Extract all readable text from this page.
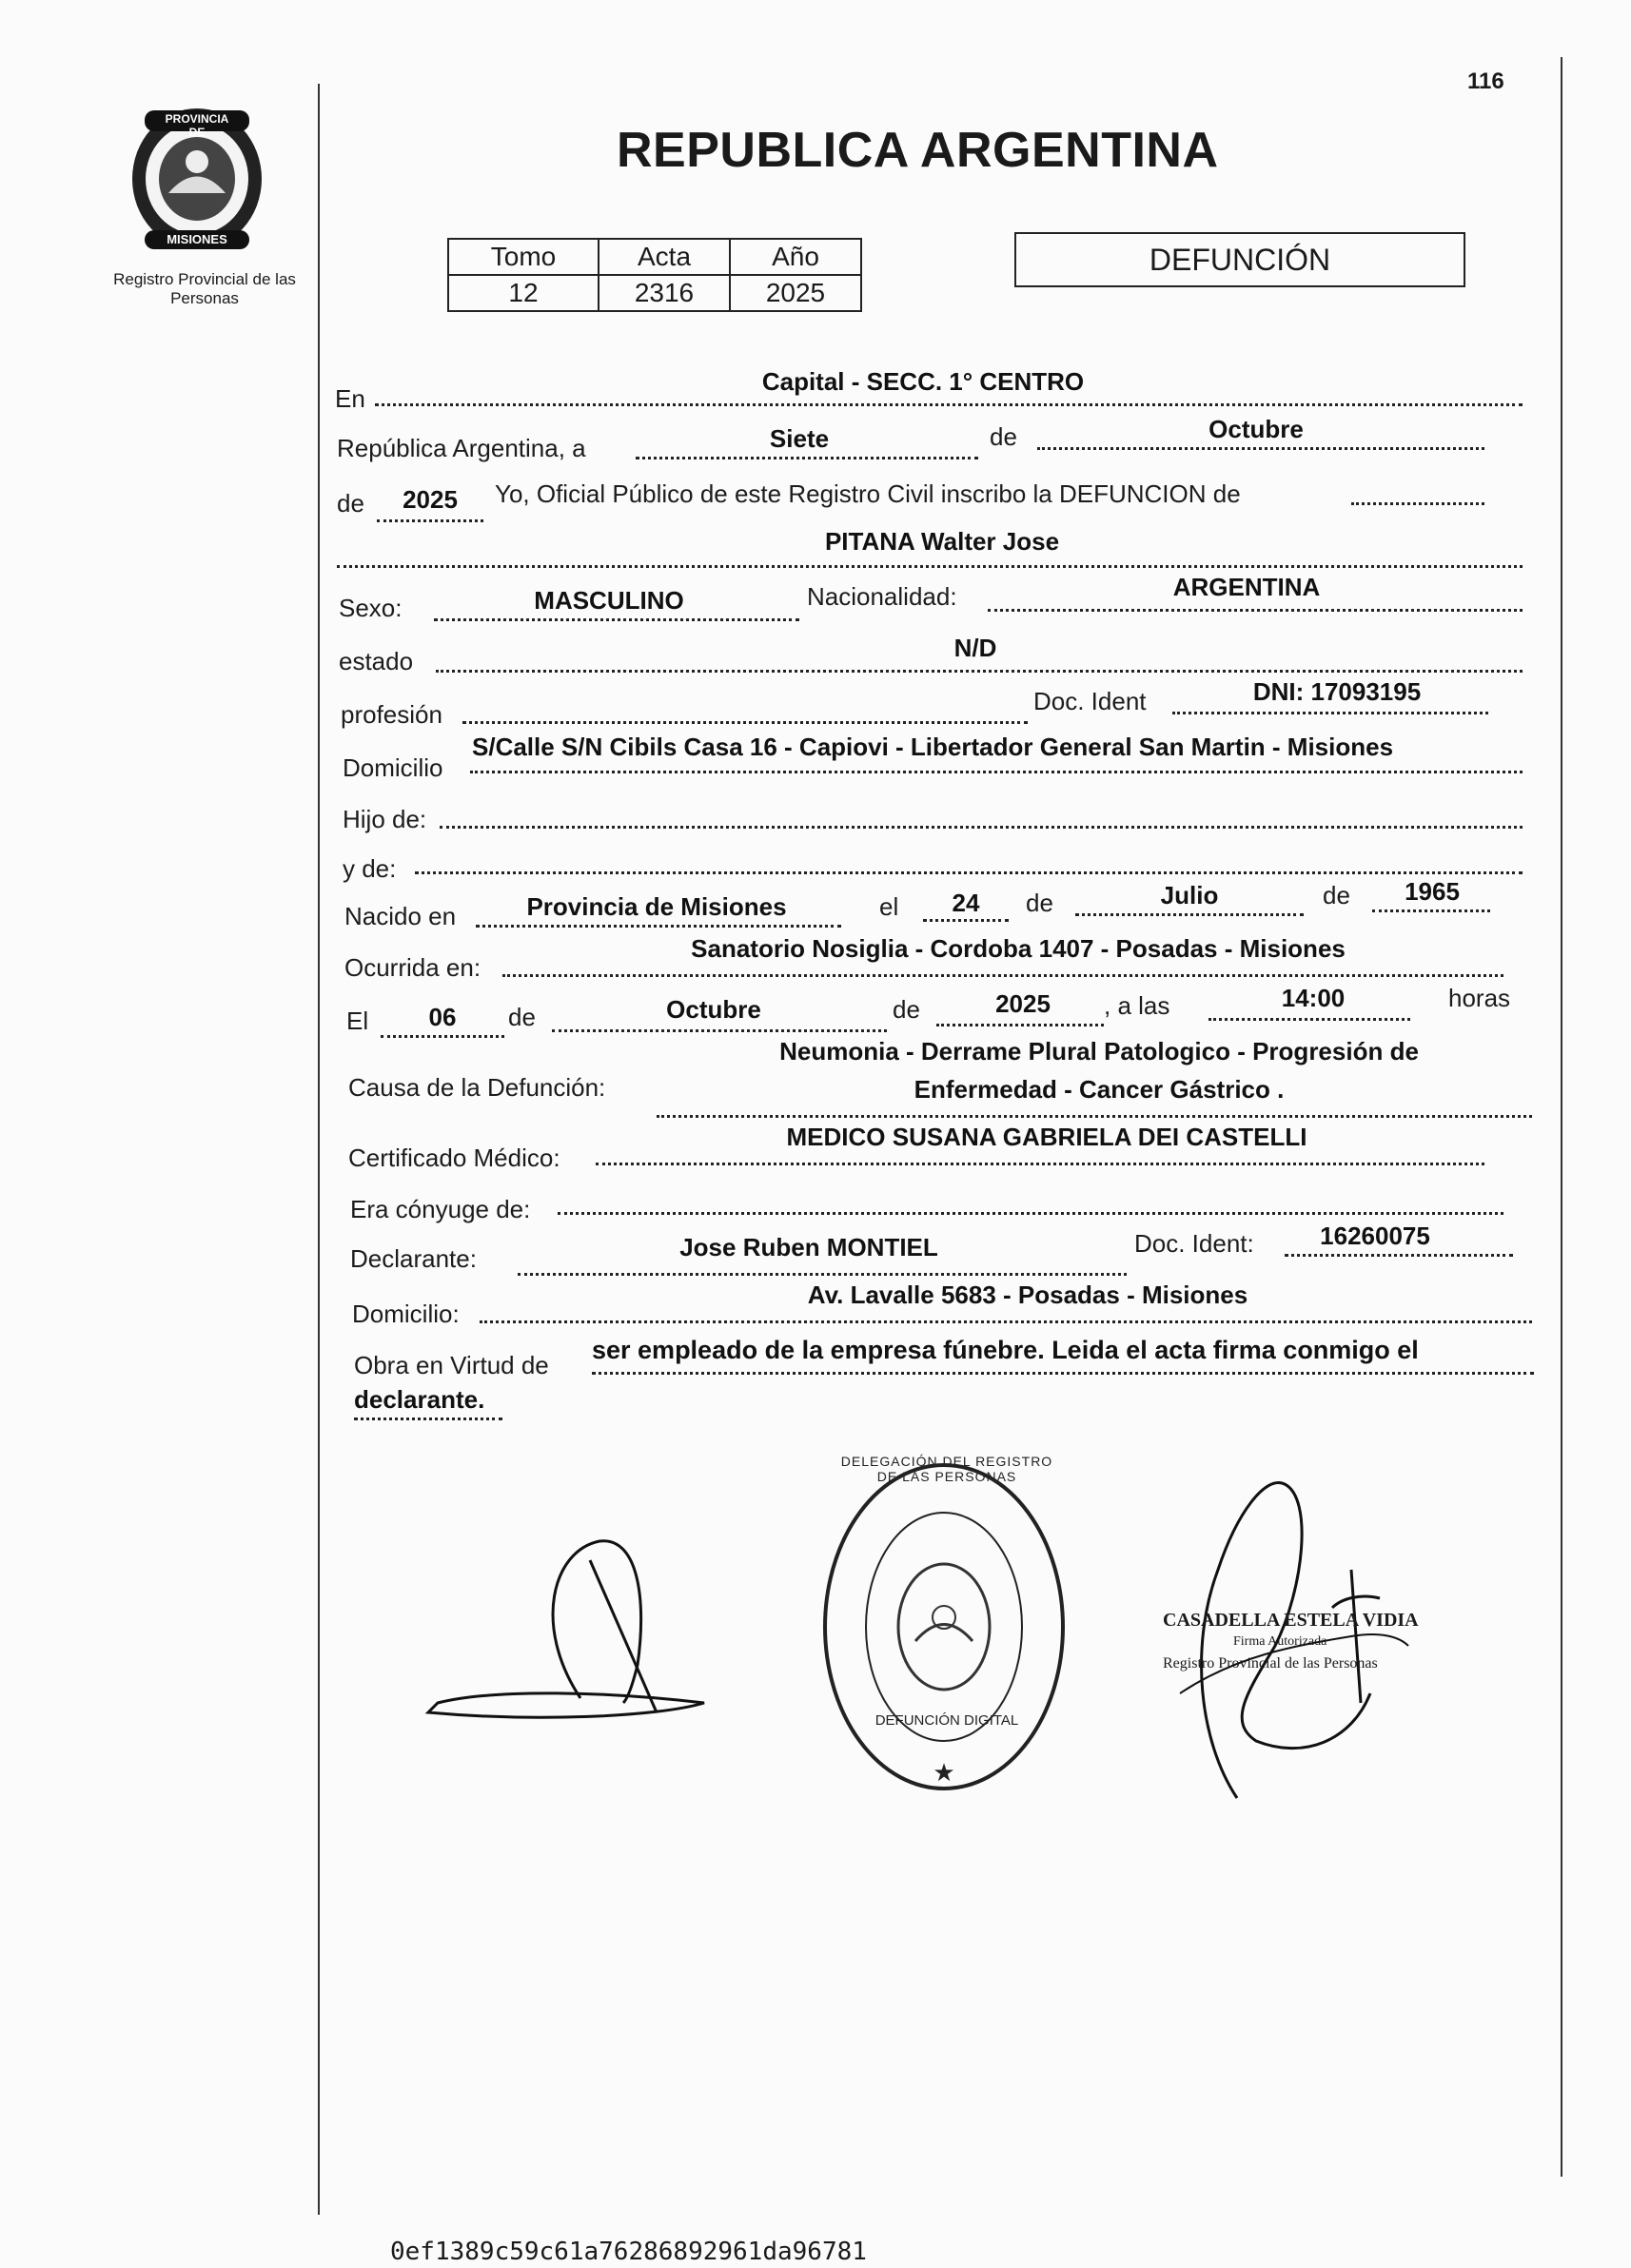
PROVINCIA DE
MISIONES
Registro Provincial de las Personas
116
REPUBLICA ARGENTINA
Tomo	Acta	Año
12	2316	2025
DEFUNCIÓN
En
Capital - SECC. 1° CENTRO
República Argentina, a	Siete	de	Octubre
de	2025	Yo, Oficial Público de este Registro Civil inscribo la DEFUNCION de
PITANA Walter Jose
Sexo:	MASCULINO	Nacionalidad:	ARGENTINA
estado	N/D
profesión	Doc. Ident	DNI: 17093195
Domicilio
S/Calle S/N Cibils Casa 16 - Capiovi - Libertador General San Martin - Misiones
Hijo de:
y de:
Nacido en	Provincia de Misiones	el	24	de	Julio	de	1965
Ocurrida en:
Sanatorio Nosiglia - Cordoba 1407 - Posadas - Misiones
El	06	de	Octubre	de	2025	, a las	14:00	horas
Causa de la Defunción:
Neumonia - Derrame Plural Patologico - Progresión de
Enfermedad - Cancer Gástrico .
Certificado Médico:
MEDICO SUSANA GABRIELA DEI CASTELLI
Era cónyuge de:
Declarante:	Jose Ruben MONTIEL	Doc. Ident:	16260075
Domicilio:
Av. Lavalle 5683 - Posadas - Misiones
Obra en Virtud de
ser empleado de la empresa fúnebre. Leida el acta firma conmigo el
declarante.
★
DELEGACIÓN DEL REGISTRO DE LAS PERSONAS
DEFUNCIÓN DIGITAL
CASADELLA ESTELA VIDIA
Firma Autorizada
Registro Provincial de las Personas
0ef1389c59c61a76286892961da96781
